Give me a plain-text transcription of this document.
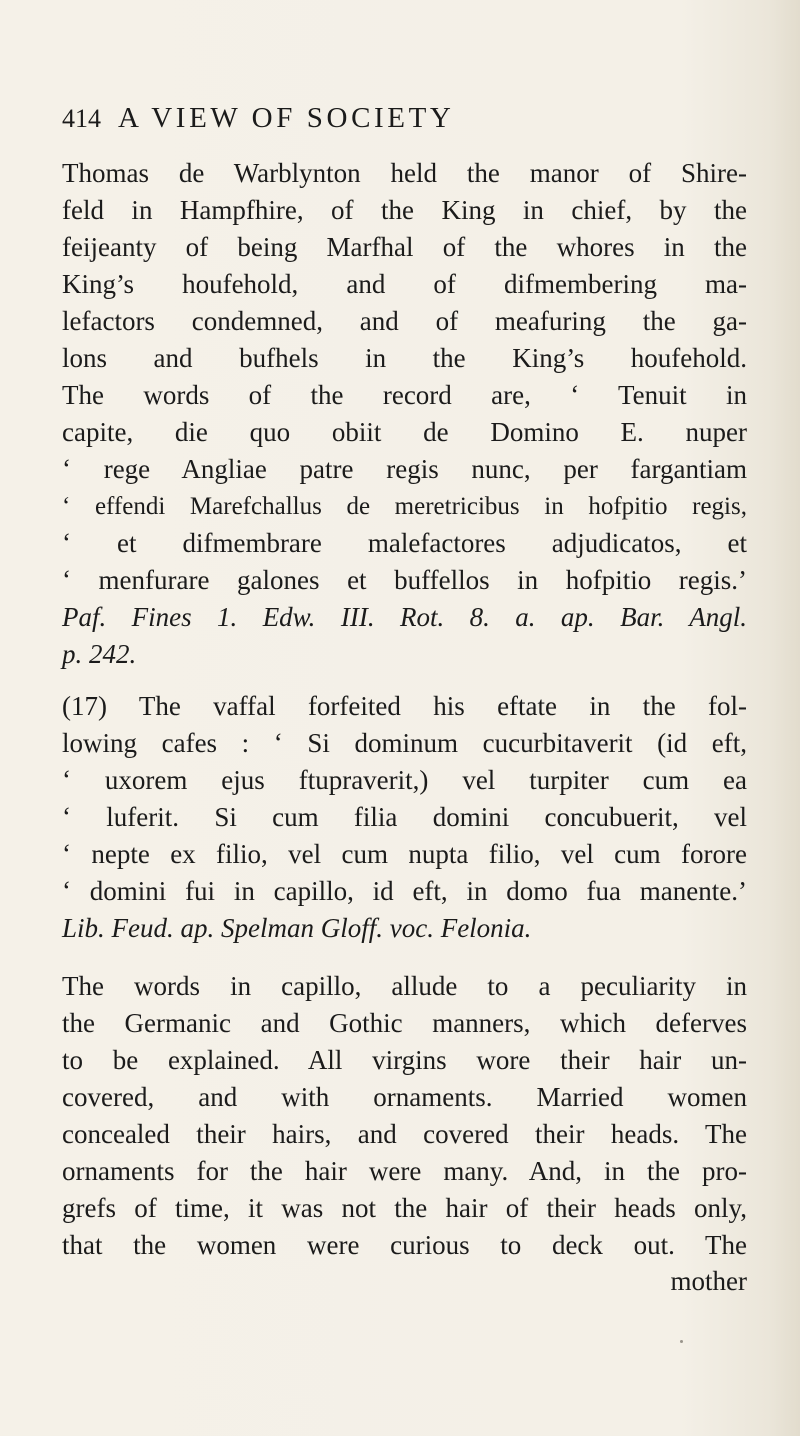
414 A VIEW OF SOCIETY
Thomas de Warblynton held the manor of Shire-
feld in Hampfhire, of the King in chief, by the
feijeanty of being Marfhal of the whores in the
King’s houfehold, and of difmembering ma-
lefactors condemned, and of meafuring the ga-
lons and bufhels in the King’s houfehold.
The words of the record are, ‘ Tenuit in
capite, die quo obiit de Domino E. nuper
‘ rege Angliae patre regis nunc, per fargantiam
‘ effendi Marefchallus de meretricibus in hofpitio regis,
‘ et difmembrare malefactores adjudicatos, et
‘ menfurare galones et buffellos in hofpitio regis.’
Paf. Fines 1. Edw. III. Rot. 8. a. ap. Bar. Angl.
p. 242.
(17) The vaffal forfeited his eftate in the fol-
lowing cafes : ‘ Si dominum cucurbitaverit (id eft,
‘ uxorem ejus ftupraverit,) vel turpiter cum ea
‘ luferit. Si cum filia domini concubuerit, vel
‘ nepte ex filio, vel cum nupta filio, vel cum forore
‘ domini fui in capillo, id eft, in domo fua manente.’
Lib. Feud. ap. Spelman Gloff. voc. Felonia.
The words in capillo, allude to a peculiarity in
the Germanic and Gothic manners, which deferves
to be explained. All virgins wore their hair un-
covered, and with ornaments. Married women
concealed their hairs, and covered their heads. The
ornaments for the hair were many. And, in the pro-
grefs of time, it was not the hair of their heads only,
that the women were curious to deck out. The
mother
